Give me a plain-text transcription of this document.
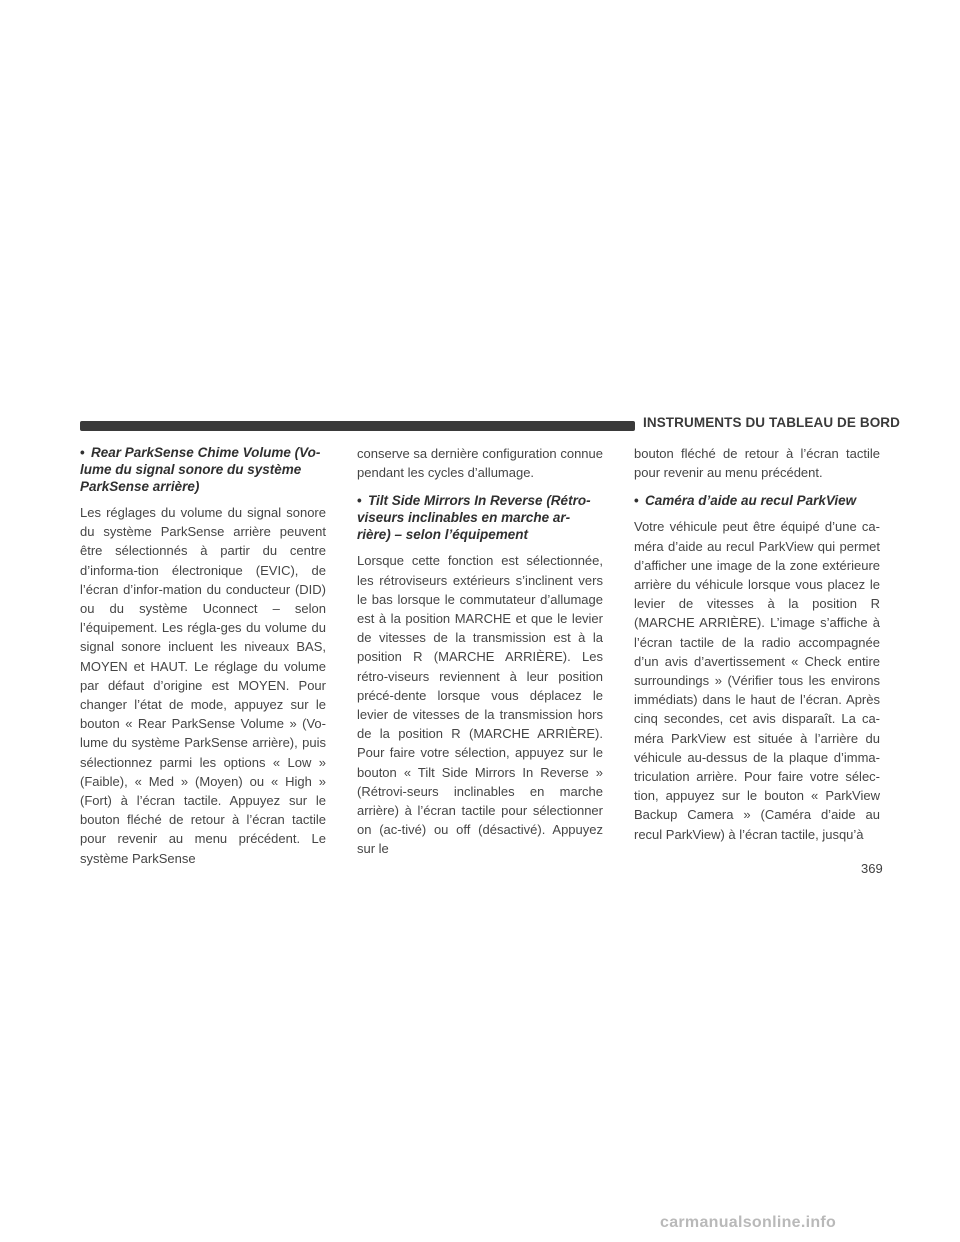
INSTRUMENTS DU TABLEAU DE BORD

• Rear ParkSense Chime Volume (Vo-lume du signal sonore du système ParkSense arrière)

Les réglages du volume du signal sonore du système ParkSense arrière peuvent être sélectionnés à partir du centre d’informa-tion électronique (EVIC), de l’écran d’infor-mation du conducteur (DID) ou du système Uconnect – selon l’équipement. Les régla-ges du volume du signal sonore incluent les niveaux BAS, MOYEN et HAUT. Le réglage du volume par défaut d’origine est MOYEN. Pour changer l’état de mode, appuyez sur le bouton « Rear ParkSense Volume » (Vo-lume du système ParkSense arrière), puis sélectionnez parmi les options « Low » (Faible), « Med » (Moyen) ou « High » (Fort) à l’écran tactile. Appuyez sur le bouton fléché de retour à l’écran tactile pour revenir au menu précédent. Le système ParkSense

conserve sa dernière configuration connue pendant les cycles d’allumage.

• Tilt Side Mirrors In Reverse (Rétro-viseurs inclinables en marche ar-rière) – selon l’équipement

Lorsque cette fonction est sélectionnée, les rétroviseurs extérieurs s’inclinent vers le bas lorsque le commutateur d’allumage est à la position MARCHE et que le levier de vitesses de la transmission est à la position R (MARCHE ARRIÈRE). Les rétro-viseurs reviennent à leur position précé-dente lorsque vous déplacez le levier de vitesses de la transmission hors de la position R (MARCHE ARRIÈRE). Pour faire votre sélection, appuyez sur le bouton « Tilt Side Mirrors In Reverse » (Rétrovi-seurs inclinables en marche arrière) à l’écran tactile pour sélectionner on (ac-tivé) ou off (désactivé). Appuyez sur le

bouton fléché de retour à l’écran tactile pour revenir au menu précédent.

• Caméra d’aide au recul ParkView

Votre véhicule peut être équipé d’une ca-méra d’aide au recul ParkView qui permet d’afficher une image de la zone extérieure arrière du véhicule lorsque vous placez le levier de vitesses à la position R (MARCHE ARRIÈRE). L’image s’affiche à l’écran tactile de la radio accompagnée d’un avis d’avertissement « Check entire surroundings » (Vérifier tous les environs immédiats) dans le haut de l’écran. Après cinq secondes, cet avis disparaît. La ca-méra ParkView est située à l’arrière du véhicule au-dessus de la plaque d’imma-triculation arrière. Pour faire votre sélec-tion, appuyez sur le bouton « ParkView Backup Camera » (Caméra d’aide au recul ParkView) à l’écran tactile, jusqu’à

369
carmanualsonline.info
